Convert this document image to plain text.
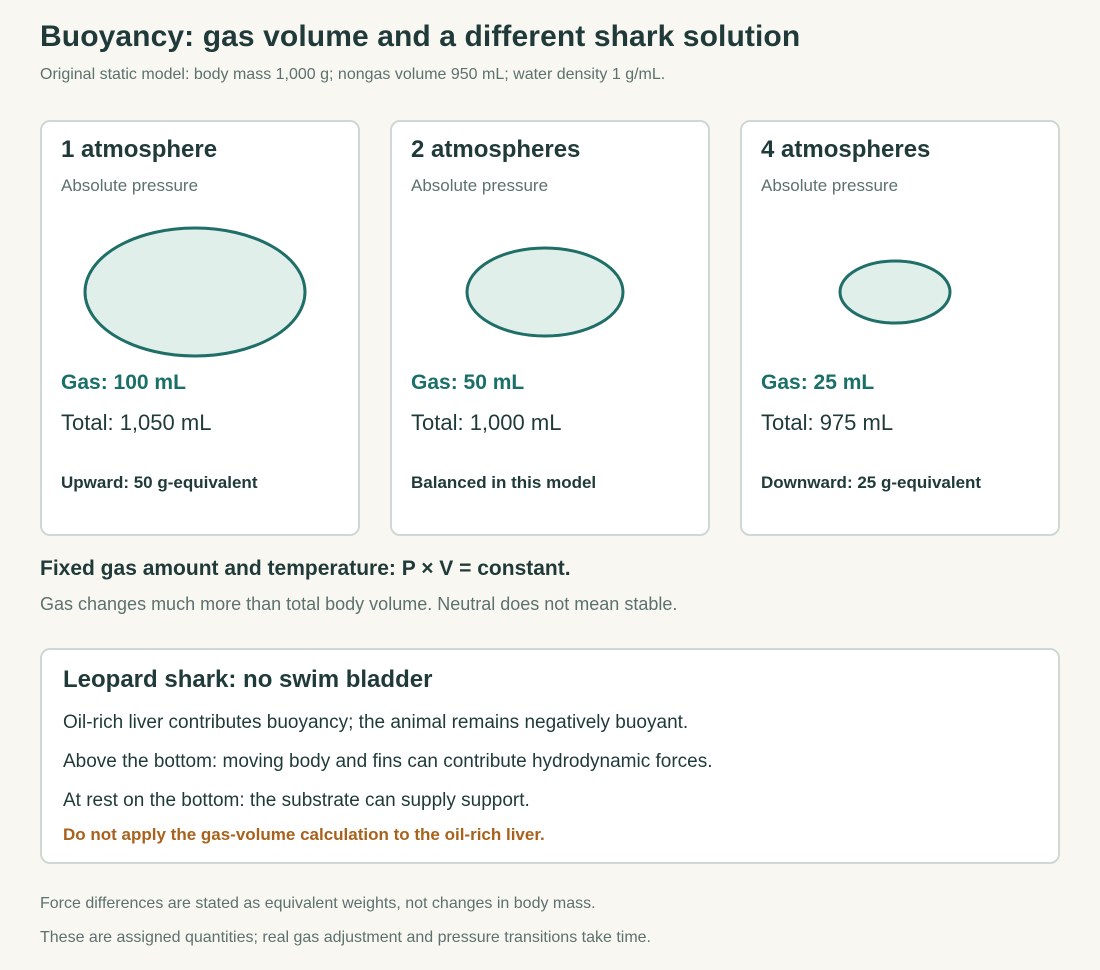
Buoyancy: gas volume and a different shark solution

Original static model: body mass 1,000 g; nongas volume 950 mL; water density 1 g/mL.

1 atmosphere
Absolute pressure
Gas: 100 mL
Total: 1,050 mL
Upward: 50 g-equivalent
2 atmospheres
Absolute pressure
Gas: 50 mL
Total: 1,000 mL
Balanced in this model
4 atmospheres
Absolute pressure
Gas: 25 mL
Total: 975 mL
Downward: 25 g-equivalent
Fixed gas amount and temperature: P × V = constant.
Gas changes much more than total body volume. Neutral does not mean stable.
Leopard shark: no swim bladder
Oil-rich liver contributes buoyancy; the animal remains negatively buoyant.
Above the bottom: moving body and fins can contribute hydrodynamic forces.
At rest on the bottom: the substrate can supply support.
Do not apply the gas-volume calculation to the oil-rich liver.
Force differences are stated as equivalent weights, not changes in body mass.
These are assigned quantities; real gas adjustment and pressure transitions take time.
